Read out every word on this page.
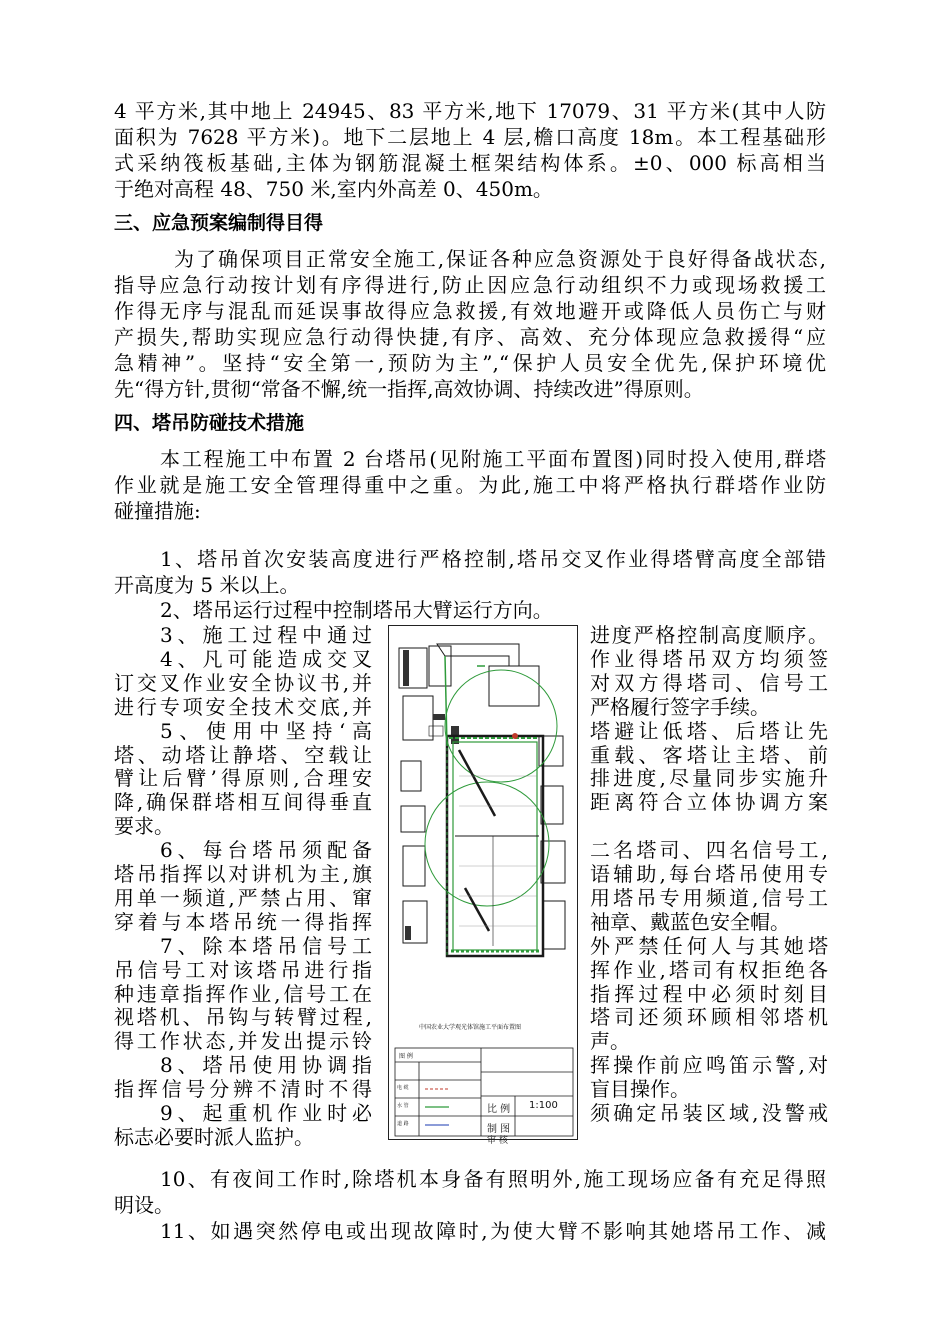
4 平方米,其中地上 24945、83 平方米,地下 17079、31 平方米(其中人防
面积为 7628 平方米)。地下二层地上 4 层,檐口高度 18m。本工程基础形
式采纳筏板基础,主体为钢筋混凝土框架结构体系。±0、000 标高相当
于绝对高程 48、750 米,室内外高差 0、450m。
三、应急预案编制得目得
为了确保项目正常安全施工,保证各种应急资源处于良好得备战状态,
指导应急行动按计划有序得进行,防止因应急行动组织不力或现场救援工
作得无序与混乱而延误事故得应急救援,有效地避开或降低人员伤亡与财
产损失,帮助实现应急行动得快捷,有序、高效、充分体现应急救援得“应
急精神”。坚持“安全第一,预防为主”,“保护人员安全优先,保护环境优
先“得方针,贯彻“常备不懈,统一指挥,高效协调、持续改进”得原则。
四、塔吊防碰技术措施
本工程施工中布置 2 台塔吊(见附施工平面布置图)同时投入使用,群塔
作业就是施工安全管理得重中之重。为此,施工中将严格执行群塔作业防
碰撞措施:
1、塔吊首次安装高度进行严格控制,塔吊交叉作业得塔臂高度全部错
开高度为 5 米以上。
2、塔吊运行过程中控制塔吊大臂运行方向。
3、施工过程中通过
4、凡可能造成交叉
订交叉作业安全协议书,并
进行专项安全技术交底,并
5、使用中坚持‘高
塔、动塔让静塔、空载让
臂让后臂’得原则,合理安
降,确保群塔相互间得垂直
要求。
6、每台塔吊须配备
塔吊指挥以对讲机为主,旗
用单一频道,严禁占用、窜
穿着与本塔吊统一得指挥
7、除本塔吊信号工
吊信号工对该塔吊进行指
种违章指挥作业,信号工在
视塔机、吊钩与转臂过程,
得工作状态,并发出提示铃
8、塔吊使用协调指
指挥信号分辨不清时不得
9、起重机作业时必
标志必要时派人监护。
进度严格控制高度顺序。
作业得塔吊双方均须签
对双方得塔司、信号工
严格履行签字手续。
塔避让低塔、后塔让先
重载、客塔让主塔、前
排进度,尽量同步实施升
距离符合立体协调方案
二名塔司、四名信号工,
语辅助,每台塔吊使用专
用塔吊专用频道,信号工
袖章、戴蓝色安全帽。
外严禁任何人与其她塔
挥作业,塔司有权拒绝各
指挥过程中必须时刻目
塔司还须环顾相邻塔机
声。
挥操作前应鸣笛示警,对
盲目操作。
须确定吊装区域,没警戒
10、有夜间工作时,除塔机本身备有照明外,施工现场应备有充足得照
明设。
11、如遇突然停电或出现故障时,为使大臂不影响其她塔吊工作、减
中国农业大学观光体馆施工平面布置图
图 例
电 缆
水 管
道 路
比 例 1:100
制 图
审 核
